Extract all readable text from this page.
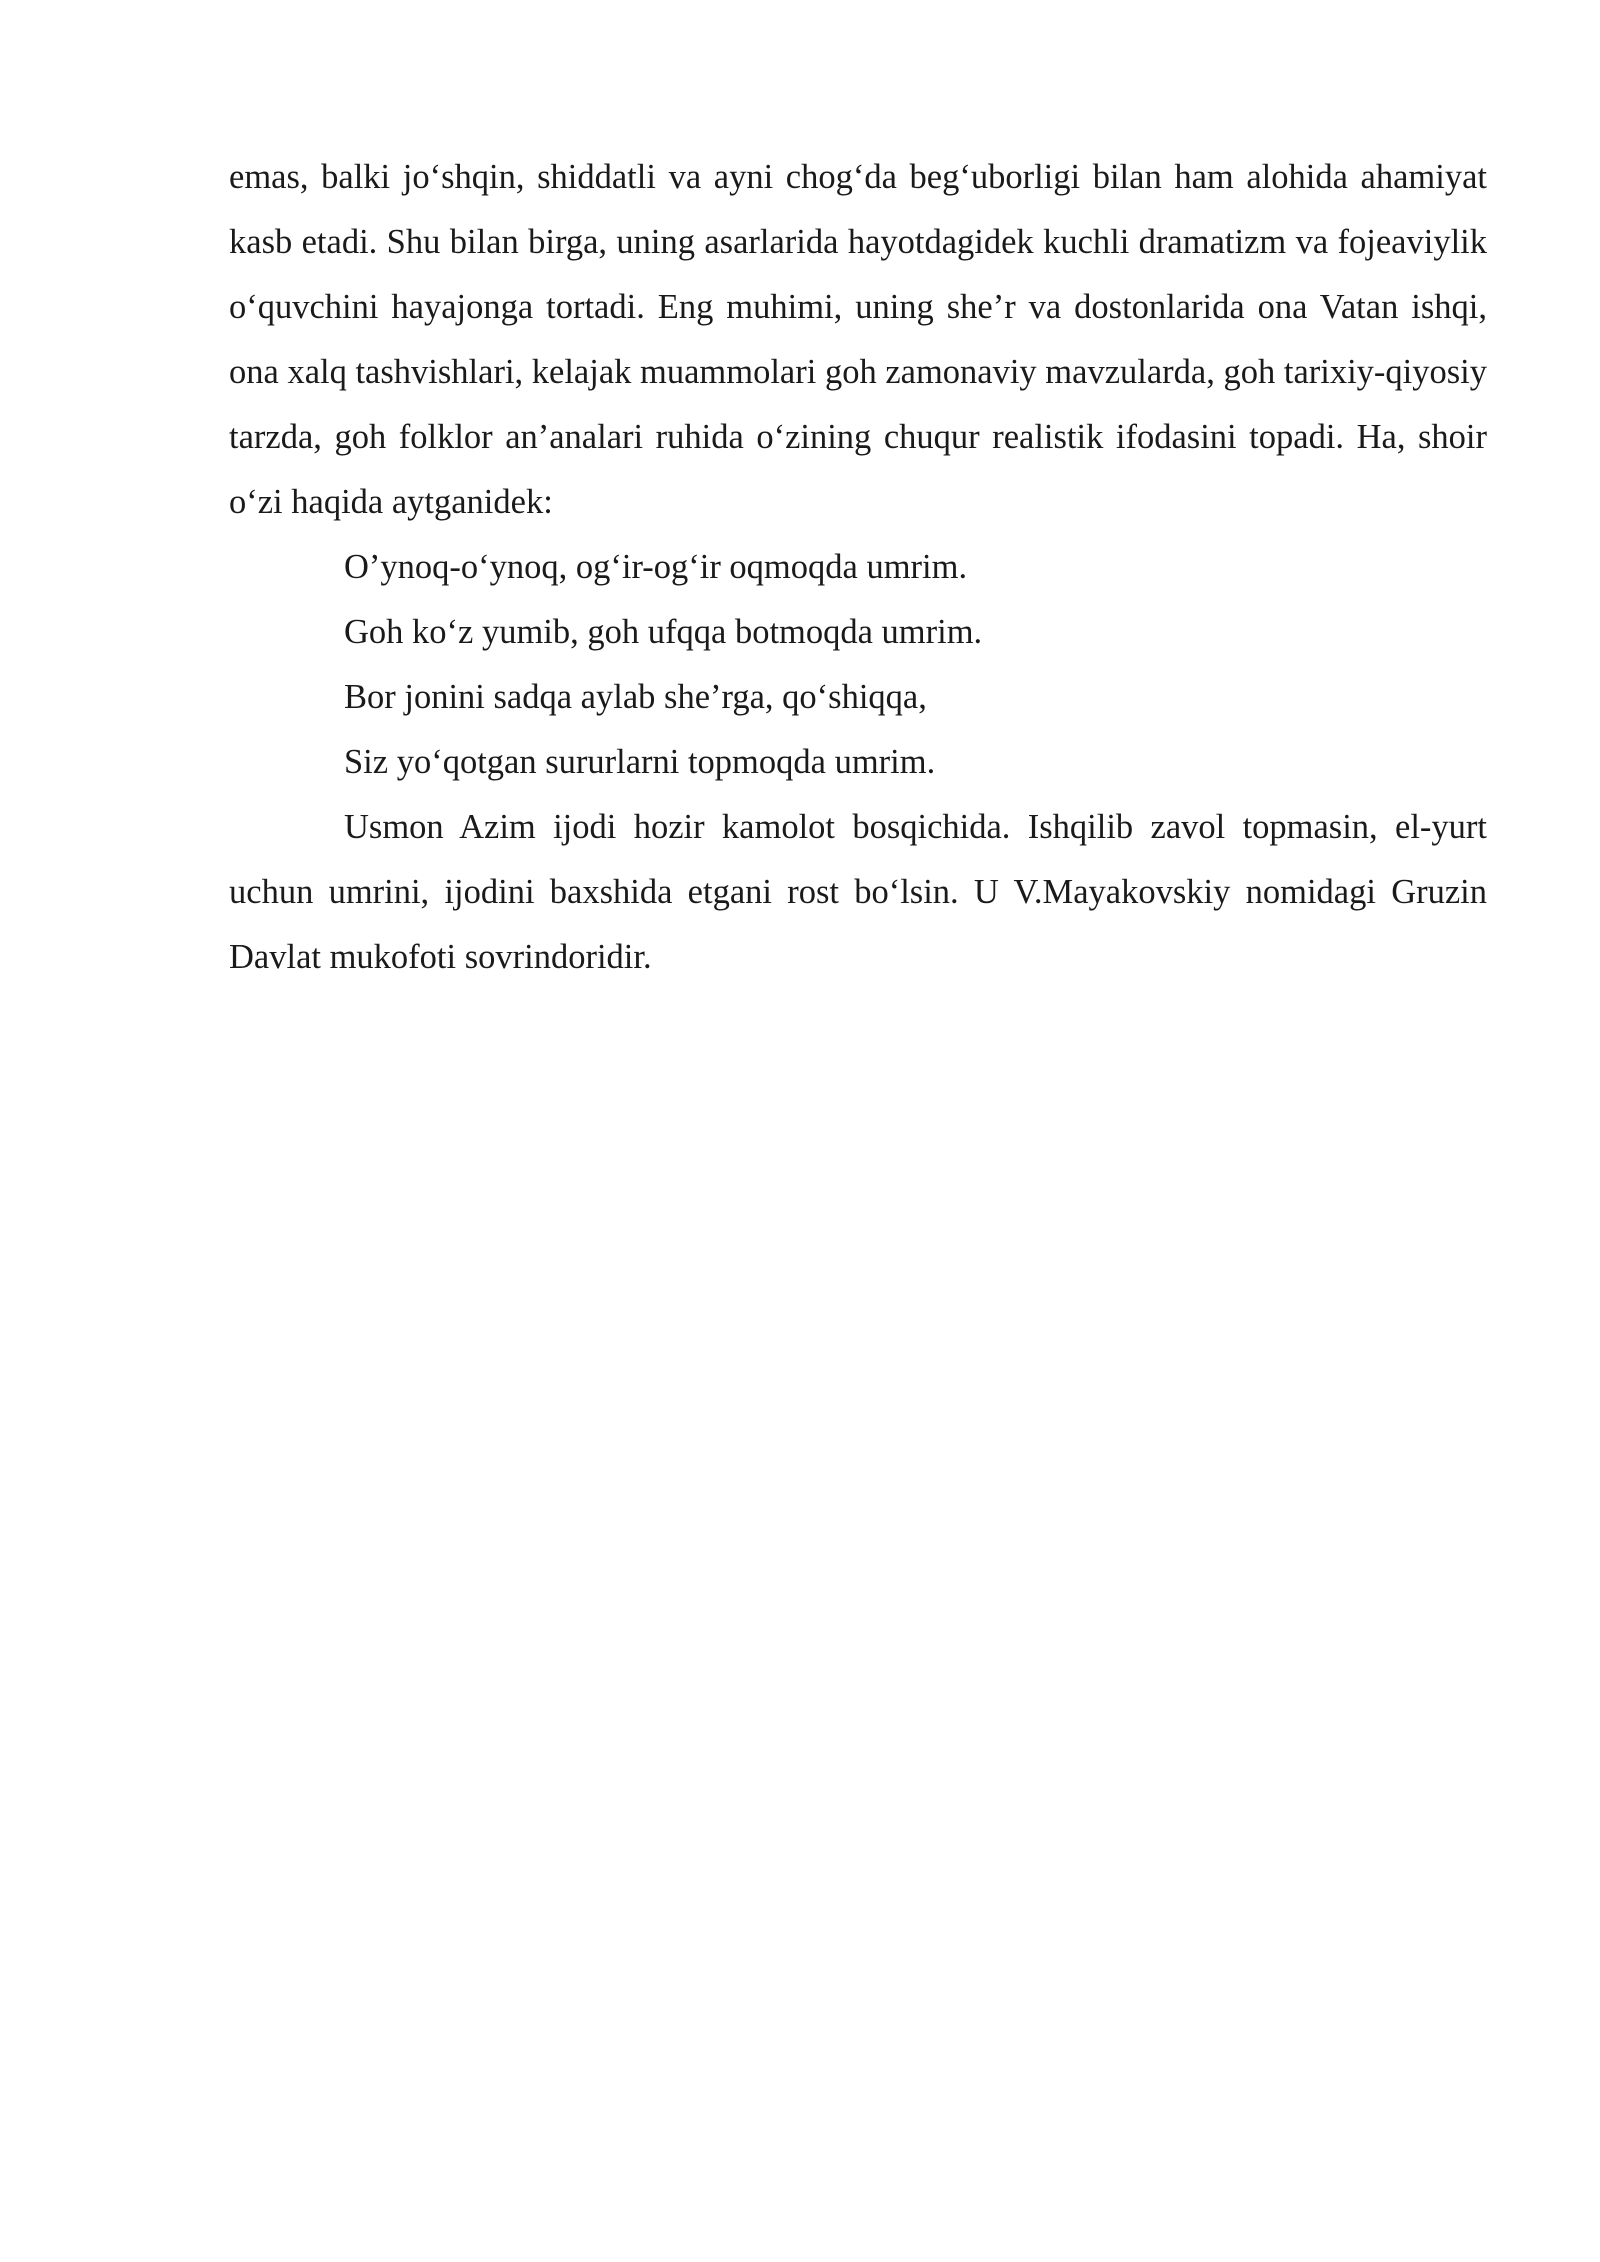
emas, balki jo‘shqin, shiddatli va ayni chog‘da beg‘uborligi bilan ham alohida ahamiyat kasb etadi. Shu bilan birga, uning asarlarida hayotdagidek kuchli dramatizm va fojeaviylik o‘quvchini hayajonga tortadi. Eng muhimi, uning she’r va dostonlarida ona Vatan ishqi, ona xalq tashvishlari, kelajak muammolari goh zamonaviy mavzularda, goh tarixiy-qiyosiy tarzda, goh folklor an’analari ruhida o‘zining chuqur realistik ifodasini topadi. Ha, shoir o‘zi haqida aytganidek:

O’ynoq-o‘ynoq, og‘ir-og‘ir oqmoqda umrim.

Goh ko‘z yumib, goh ufqqa botmoqda umrim.

Bor jonini sadqa aylab she’rga, qo‘shiqqa,

Siz yo‘qotgan sururlarni topmoqda umrim.

Usmon Azim ijodi hozir kamolot bosqichida. Ishqilib zavol topmasin, el-yurt uchun umrini, ijodini baxshida etgani rost bo‘lsin. U V.Mayakovskiy nomidagi Gruzin Davlat mukofoti sovrindoridir.
